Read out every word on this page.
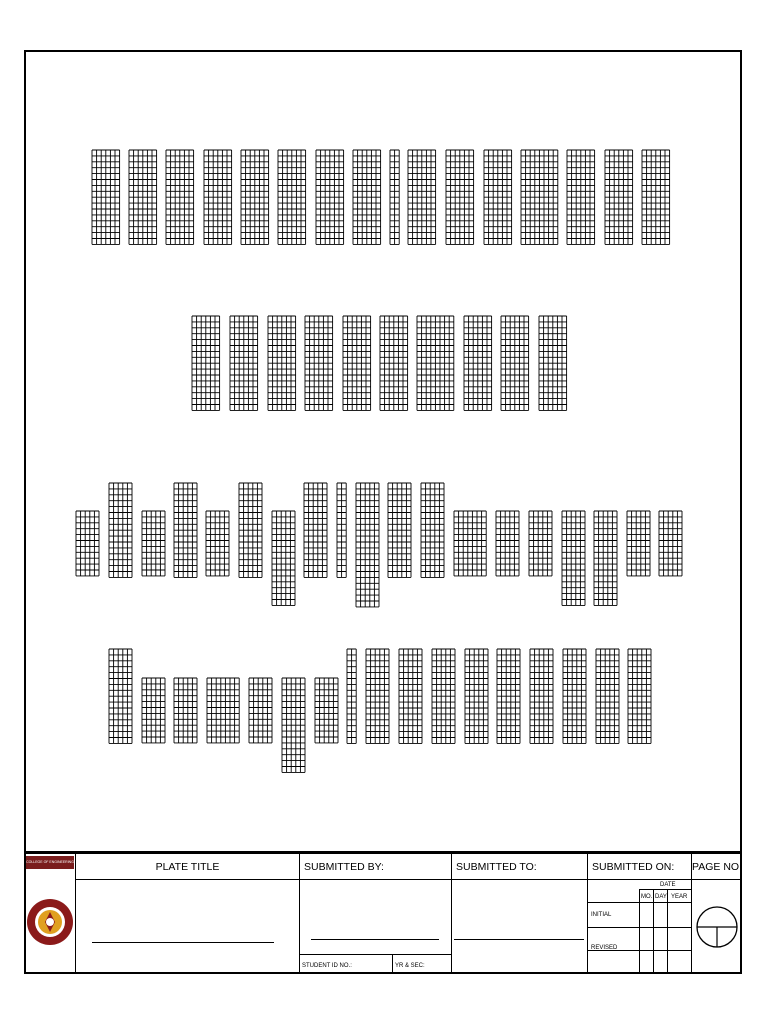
COLLEGE OF ENGINEERING	PLATE TITLE	SUBMITTED BY:	SUBMITTED TO:	SUBMITTED ON:	PAGE NO.
STUDENT ID NO.:	YR & SEC:
DATE
MO. DAY YEAR
INITIAL
REVISED
